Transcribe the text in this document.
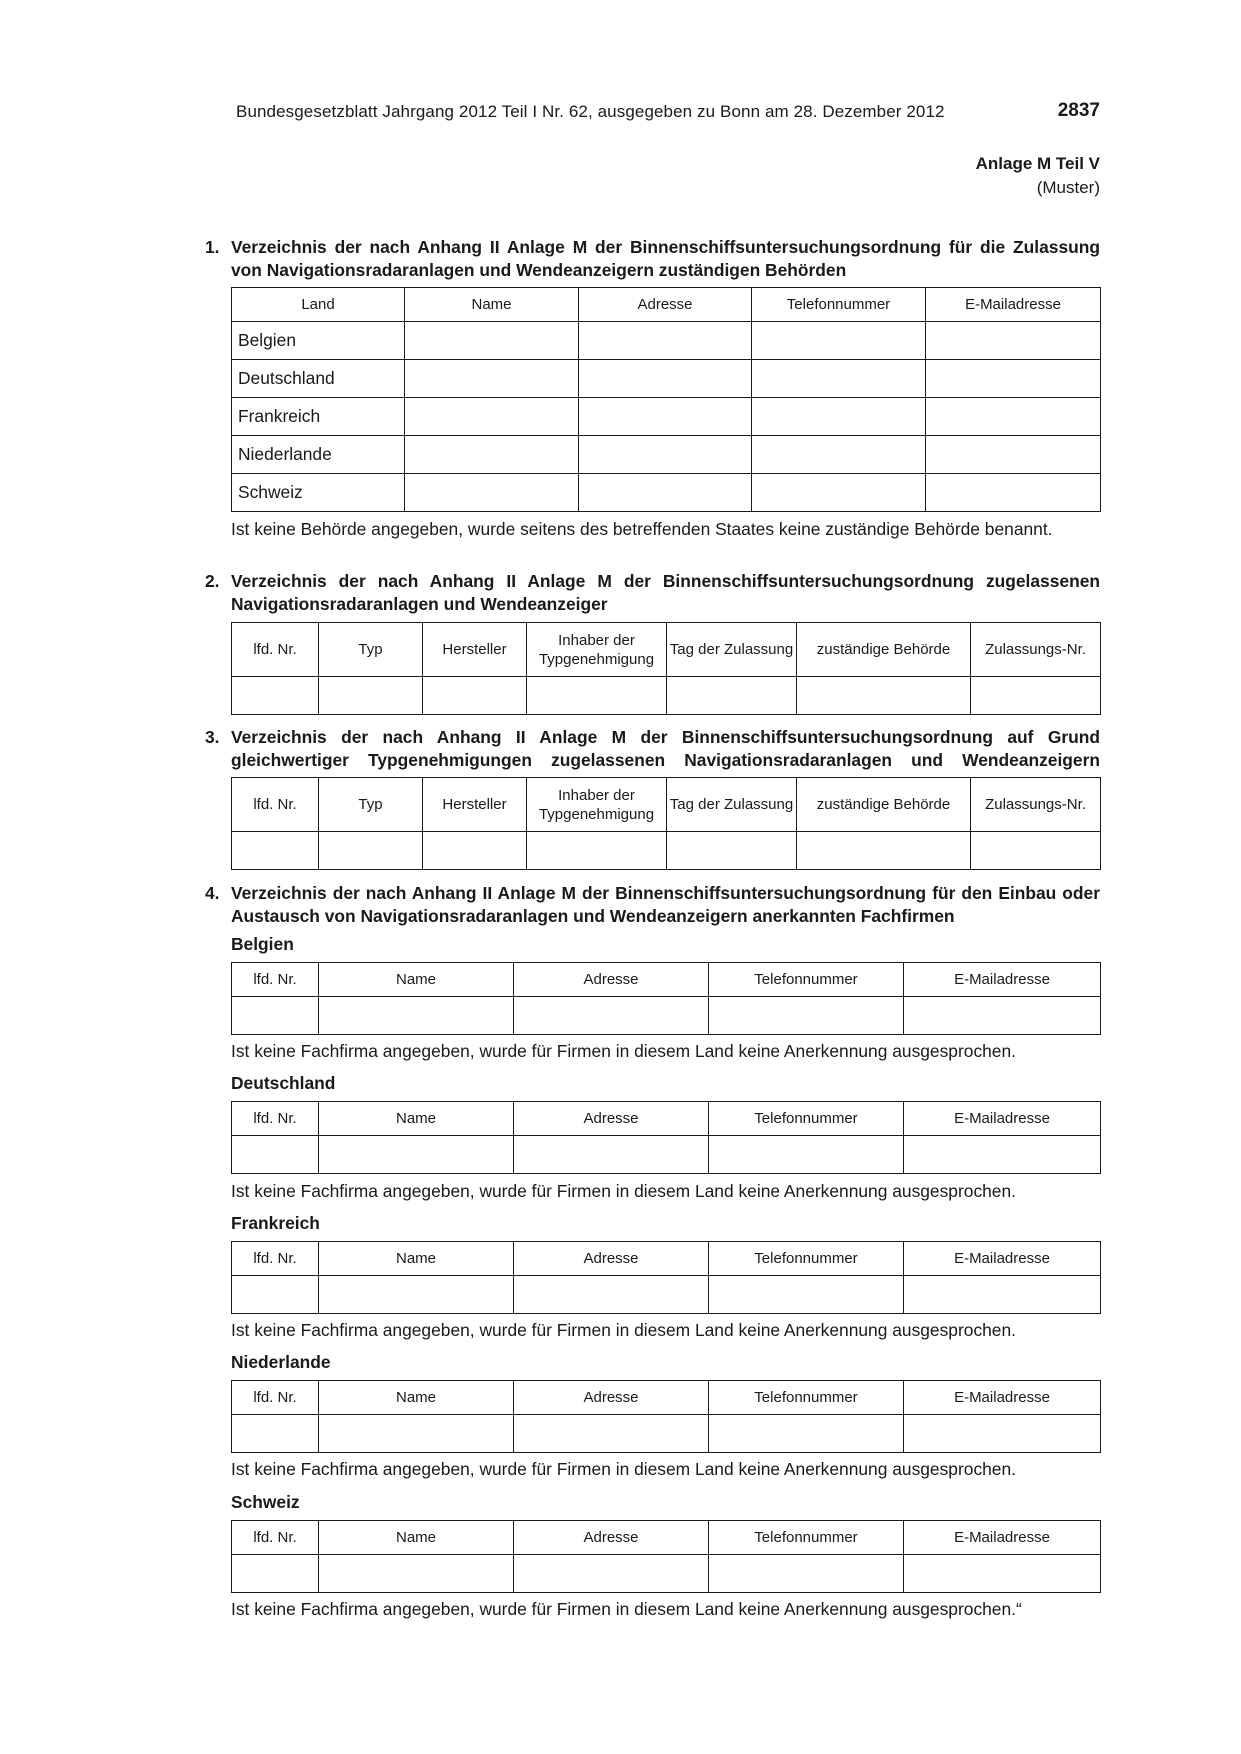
Bundesgesetzblatt Jahrgang 2012 Teil I Nr. 62, ausgegeben zu Bonn am 28. Dezember 2012	2837
Anlage M Teil V
(Muster)
1. Verzeichnis der nach Anhang II Anlage M der Binnenschiffsuntersuchungsordnung für die Zulassung von Navigationsradaranlagen und Wendeanzeigern zuständigen Behörden
Land	Name	Adresse	Telefonnummer	E-Mailadresse
Belgien				
Deutschland				
Frankreich				
Niederlande				
Schweiz				
Ist keine Behörde angegeben, wurde seitens des betreffenden Staates keine zuständige Behörde benannt.
2. Verzeichnis der nach Anhang II Anlage M der Binnenschiffsuntersuchungsordnung zugelassenen Navigationsradaranlagen und Wendeanzeiger
lfd. Nr.	Typ	Hersteller	Inhaber der Typgenehmigung	Tag der Zulassung	zuständige Behörde	Zulassungs-Nr.

3. Verzeichnis der nach Anhang II Anlage M der Binnenschiffsuntersuchungsordnung auf Grund gleichwertiger Typgenehmigungen zugelassenen Navigationsradaranlagen und Wendeanzeigern
lfd. Nr.	Typ	Hersteller	Inhaber der Typgenehmigung	Tag der Zulassung	zuständige Behörde	Zulassungs-Nr.

4. Verzeichnis der nach Anhang II Anlage M der Binnenschiffsuntersuchungsordnung für den Einbau oder Austausch von Navigationsradaranlagen und Wendeanzeigern anerkannten Fachfirmen
Belgien
lfd. Nr.	Name	Adresse	Telefonnummer	E-Mailadresse

Ist keine Fachfirma angegeben, wurde für Firmen in diesem Land keine Anerkennung ausgesprochen.
Deutschland
lfd. Nr.	Name	Adresse	Telefonnummer	E-Mailadresse

Ist keine Fachfirma angegeben, wurde für Firmen in diesem Land keine Anerkennung ausgesprochen.
Frankreich
lfd. Nr.	Name	Adresse	Telefonnummer	E-Mailadresse

Ist keine Fachfirma angegeben, wurde für Firmen in diesem Land keine Anerkennung ausgesprochen.
Niederlande
lfd. Nr.	Name	Adresse	Telefonnummer	E-Mailadresse

Ist keine Fachfirma angegeben, wurde für Firmen in diesem Land keine Anerkennung ausgesprochen.
Schweiz
lfd. Nr.	Name	Adresse	Telefonnummer	E-Mailadresse

Ist keine Fachfirma angegeben, wurde für Firmen in diesem Land keine Anerkennung ausgesprochen.“
